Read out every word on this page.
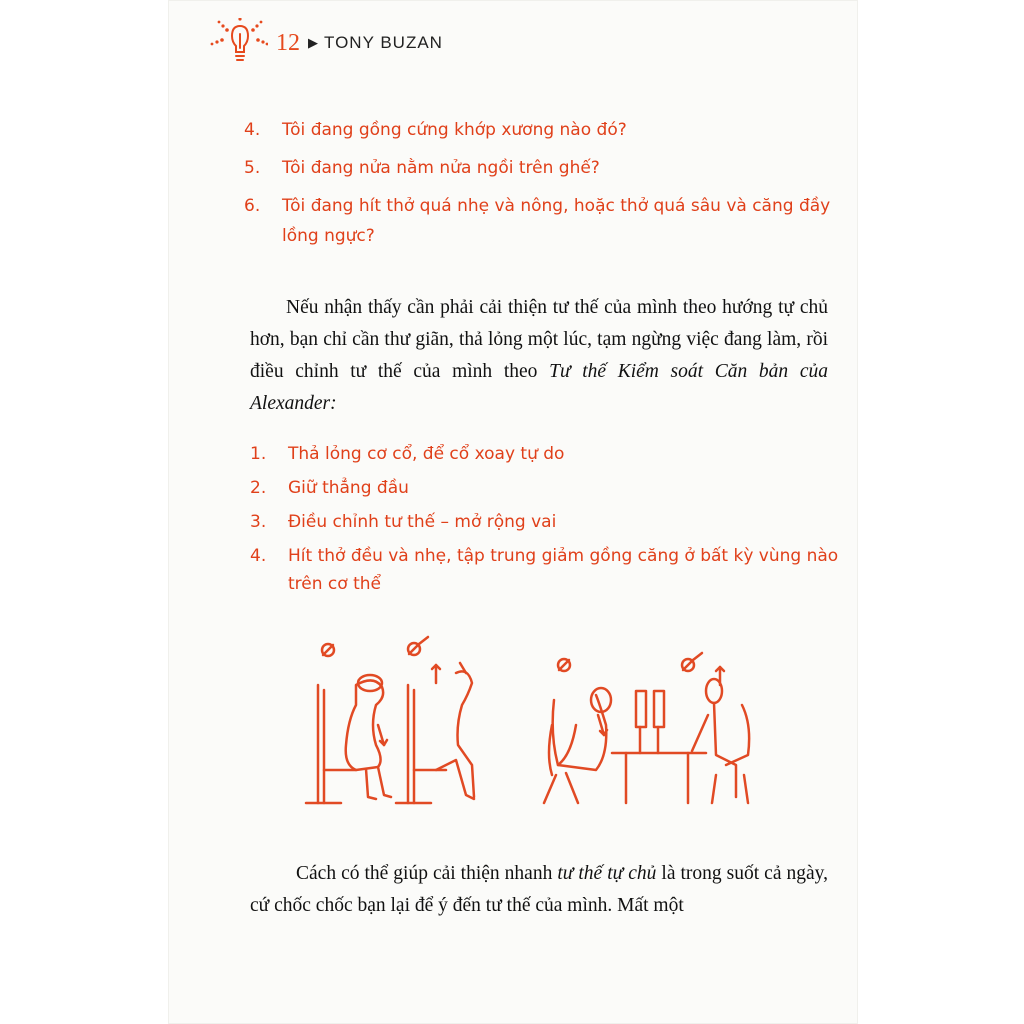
12 ▶ TONY BUZAN
4.	Tôi đang gồng cứng khớp xương nào đó?
5.	Tôi đang nửa nằm nửa ngồi trên ghế?
6.	Tôi đang hít thở quá nhẹ và nông, hoặc thở quá sâu và căng đầy lồng ngực?
Nếu nhận thấy cần phải cải thiện tư thế của mình theo hướng tự chủ hơn, bạn chỉ cần thư giãn, thả lỏng một lúc, tạm ngừng việc đang làm, rồi điều chỉnh tư thế của mình theo Tư thế Kiểm soát Căn bản của Alexander:
1.	Thả lỏng cơ cổ, để cổ xoay tự do
2.	Giữ thẳng đầu
3.	Điều chỉnh tư thế – mở rộng vai
4.	Hít thở đều và nhẹ, tập trung giảm gồng căng ở bất kỳ vùng nào trên cơ thể
Cách có thể giúp cải thiện nhanh tư thế tự chủ là trong suốt cả ngày, cứ chốc chốc bạn lại để ý đến tư thế của mình. Mất một
